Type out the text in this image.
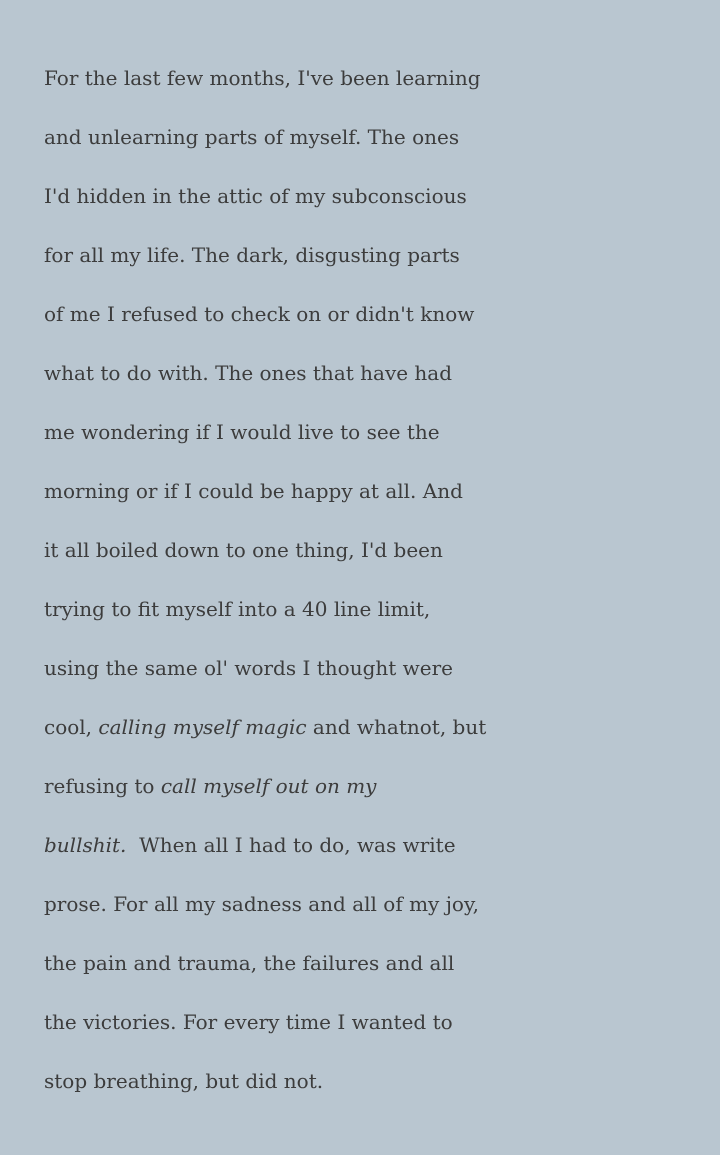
For the last few months, I've been learning
and unlearning parts of myself. The ones
I'd hidden in the attic of my subconscious
for all my life. The dark, disgusting parts
of me I refused to check on or didn't know
what to do with. The ones that have had
me wondering if I would live to see the
morning or if I could be happy at all. And
it all boiled down to one thing, I'd been
trying to fit myself into a 40 line limit,
using the same ol' words I thought were
cool, calling myself magic and whatnot, but
refusing to call myself out on my
bullshit.  When all I had to do, was write
prose. For all my sadness and all of my joy,
the pain and trauma, the failures and all
the victories. For every time I wanted to
stop breathing, but did not.
